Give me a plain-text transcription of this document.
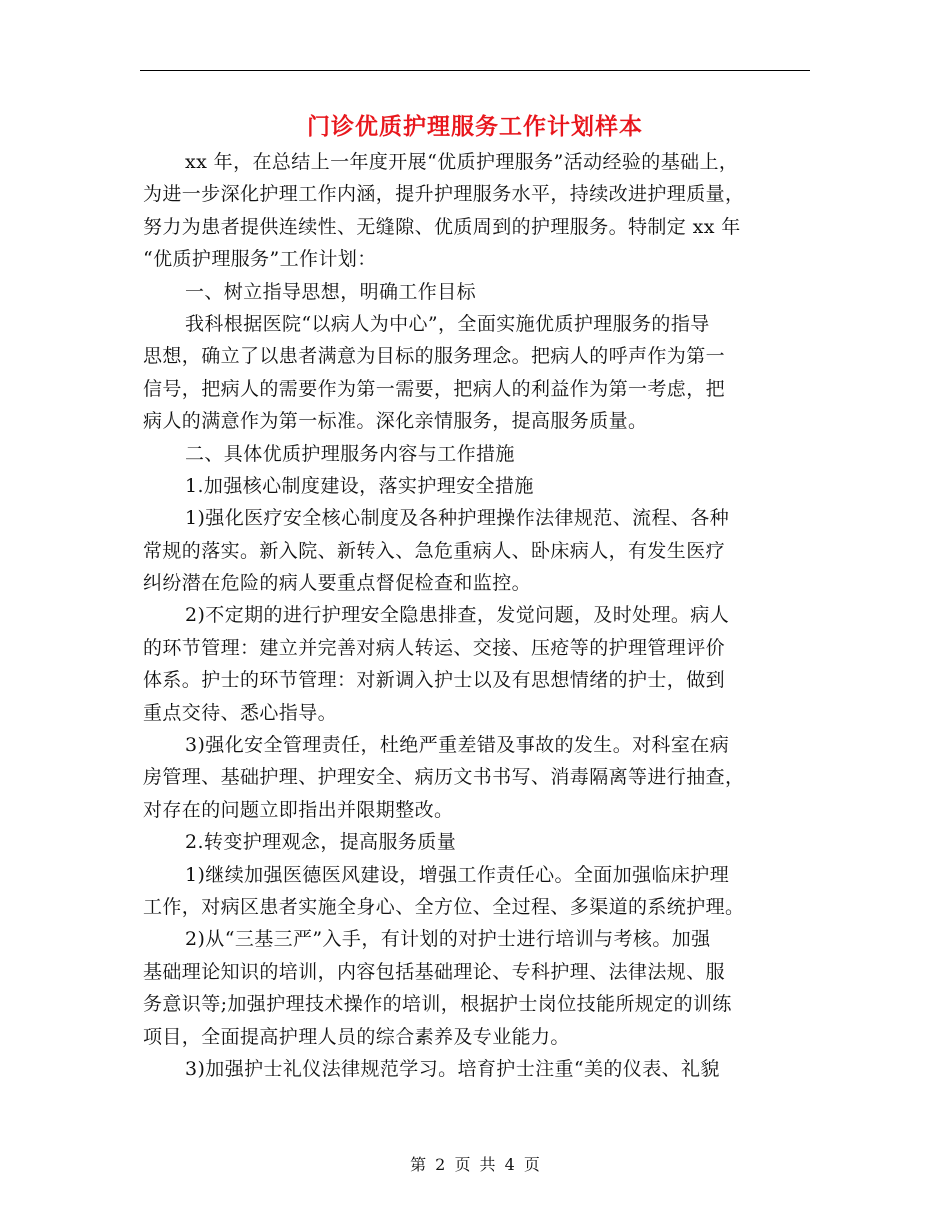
门诊优质护理服务工作计划样本
xx 年，在总结上一年度开展“优质护理服务”活动经验的基础上，
为进一步深化护理工作内涵，提升护理服务水平，持续改进护理质量，
努力为患者提供连续性、无缝隙、优质周到的护理服务。特制定 xx 年
“优质护理服务”工作计划：
一、树立指导思想，明确工作目标
我科根据医院“以病人为中心”，全面实施优质护理服务的指导
思想，确立了以患者满意为目标的服务理念。把病人的呼声作为第一
信号，把病人的需要作为第一需要，把病人的利益作为第一考虑，把
病人的满意作为第一标准。深化亲情服务，提高服务质量。
二、具体优质护理服务内容与工作措施
1.加强核心制度建设，落实护理安全措施
1)强化医疗安全核心制度及各种护理操作法律规范、流程、各种
常规的落实。新入院、新转入、急危重病人、卧床病人，有发生医疗
纠纷潜在危险的病人要重点督促检查和监控。
2)不定期的进行护理安全隐患排查，发觉问题，及时处理。病人
的环节管理：建立并完善对病人转运、交接、压疮等的护理管理评价
体系。护士的环节管理：对新调入护士以及有思想情绪的护士，做到
重点交待、悉心指导。
3)强化安全管理责任，杜绝严重差错及事故的发生。对科室在病
房管理、基础护理、护理安全、病历文书书写、消毒隔离等进行抽查，
对存在的问题立即指出并限期整改。
2.转变护理观念，提高服务质量
1)继续加强医德医风建设，增强工作责任心。全面加强临床护理
工作，对病区患者实施全身心、全方位、全过程、多渠道的系统护理。
2)从“三基三严”入手，有计划的对护士进行培训与考核。加强
基础理论知识的培训，内容包括基础理论、专科护理、法律法规、服
务意识等;加强护理技术操作的培训，根据护士岗位技能所规定的训练
项目，全面提高护理人员的综合素养及专业能力。
3)加强护士礼仪法律规范学习。培育护士注重“美的仪表、礼貌
第 2 页 共 4 页
